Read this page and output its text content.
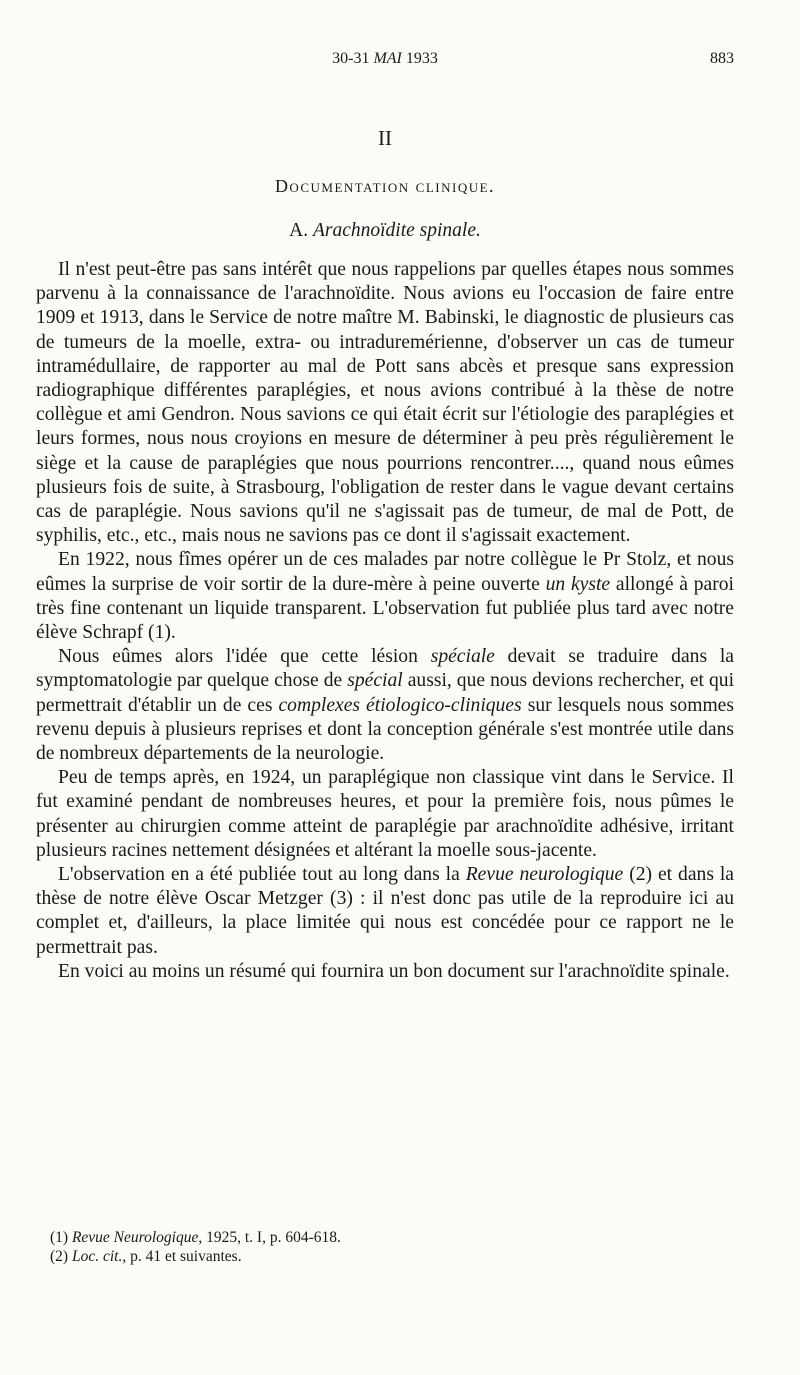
30-31 MAI 1933	883
II
Documentation clinique.
A. Arachnoïdite spinale.

Il n'est peut-être pas sans intérêt que nous rappelions par quelles étapes nous sommes parvenu à la connaissance de l'arachnoïdite. Nous avions eu l'occasion de faire entre 1909 et 1913, dans le Service de notre maître M. Babinski, le diagnostic de plusieurs cas de tumeurs de la moelle, extra- ou intraduremérienne, d'observer un cas de tumeur intramédullaire, de rapporter au mal de Pott sans abcès et presque sans expression radiographique différentes paraplégies, et nous avions contribué à la thèse de notre collègue et ami Gendron. Nous savions ce qui était écrit sur l'étiologie des paraplégies et leurs formes, nous nous croyions en mesure de déterminer à peu près régulièrement le siège et la cause de paraplégies que nous pourrions rencontrer...., quand nous eûmes plusieurs fois de suite, à Strasbourg, l'obligation de rester dans le vague devant certains cas de paraplégie. Nous savions qu'il ne s'agissait pas de tumeur, de mal de Pott, de syphilis, etc., etc., mais nous ne savions pas ce dont il s'agissait exactement.

En 1922, nous fîmes opérer un de ces malades par notre collègue le Pr Stolz, et nous eûmes la surprise de voir sortir de la dure-mère à peine ouverte un kyste allongé à paroi très fine contenant un liquide transparent. L'observation fut publiée plus tard avec notre élève Schrapf (1).

Nous eûmes alors l'idée que cette lésion spéciale devait se traduire dans la symptomatologie par quelque chose de spécial aussi, que nous devions rechercher, et qui permettrait d'établir un de ces complexes étiologico-cliniques sur lesquels nous sommes revenu depuis à plusieurs reprises et dont la conception générale s'est montrée utile dans de nombreux départements de la neurologie.

Peu de temps après, en 1924, un paraplégique non classique vint dans le Service. Il fut examiné pendant de nombreuses heures, et pour la première fois, nous pûmes le présenter au chirurgien comme atteint de paraplégie par arachnoïdite adhésive, irritant plusieurs racines nettement désignées et altérant la moelle sous-jacente.

L'observation en a été publiée tout au long dans la Revue neurologique (2) et dans la thèse de notre élève Oscar Metzger (3) : il n'est donc pas utile de la reproduire ici au complet et, d'ailleurs, la place limitée qui nous est concédée pour ce rapport ne le permettrait pas.

En voici au moins un résumé qui fournira un bon document sur l'arachnoïdite spinale.

(1) Revue Neurologique, 1925, t. I, p. 604-618.
(2) Loc. cit., p. 41 et suivantes.
